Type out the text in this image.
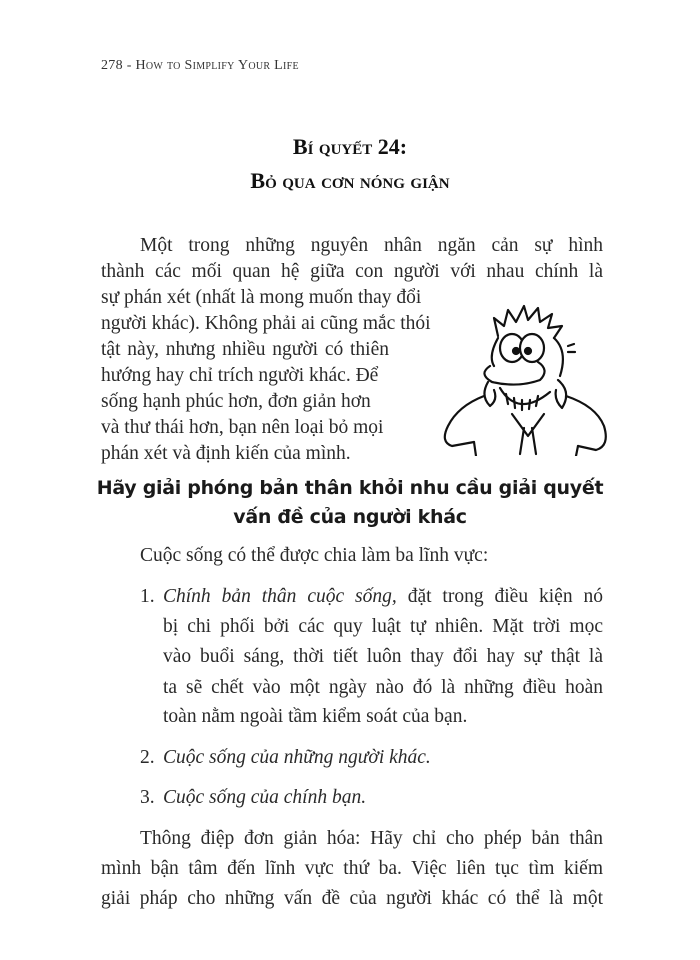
278 - How to Simplify Your Life
Bí quyết 24:
Bỏ qua cơn nóng giận
Một trong những nguyên nhân ngăn cản sự hình
thành các mối quan hệ giữa con người với nhau chính là
sự phán xét (nhất là mong muốn thay đổi
người khác). Không phải ai cũng mắc thói
tật này, nhưng nhiều người có thiên
hướng hay chỉ trích người khác. Để
sống hạnh phúc hơn, đơn giản hơn
và thư thái hơn, bạn nên loại bỏ mọi
phán xét và định kiến của mình.
Hãy giải phóng bản thân khỏi nhu cầu giải quyết
vấn đề của người khác
Cuộc sống có thể được chia làm ba lĩnh vực:
1. Chính bản thân cuộc sống, đặt trong điều kiện nó
bị chi phối bởi các quy luật tự nhiên. Mặt trời mọc
vào buổi sáng, thời tiết luôn thay đổi hay sự thật là
ta sẽ chết vào một ngày nào đó là những điều hoàn
toàn nằm ngoài tầm kiểm soát của bạn.
2. Cuộc sống của những người khác.
3. Cuộc sống của chính bạn.
Thông điệp đơn giản hóa: Hãy chỉ cho phép bản thân
mình bận tâm đến lĩnh vực thứ ba. Việc liên tục tìm kiếm
giải pháp cho những vấn đề của người khác có thể là một
